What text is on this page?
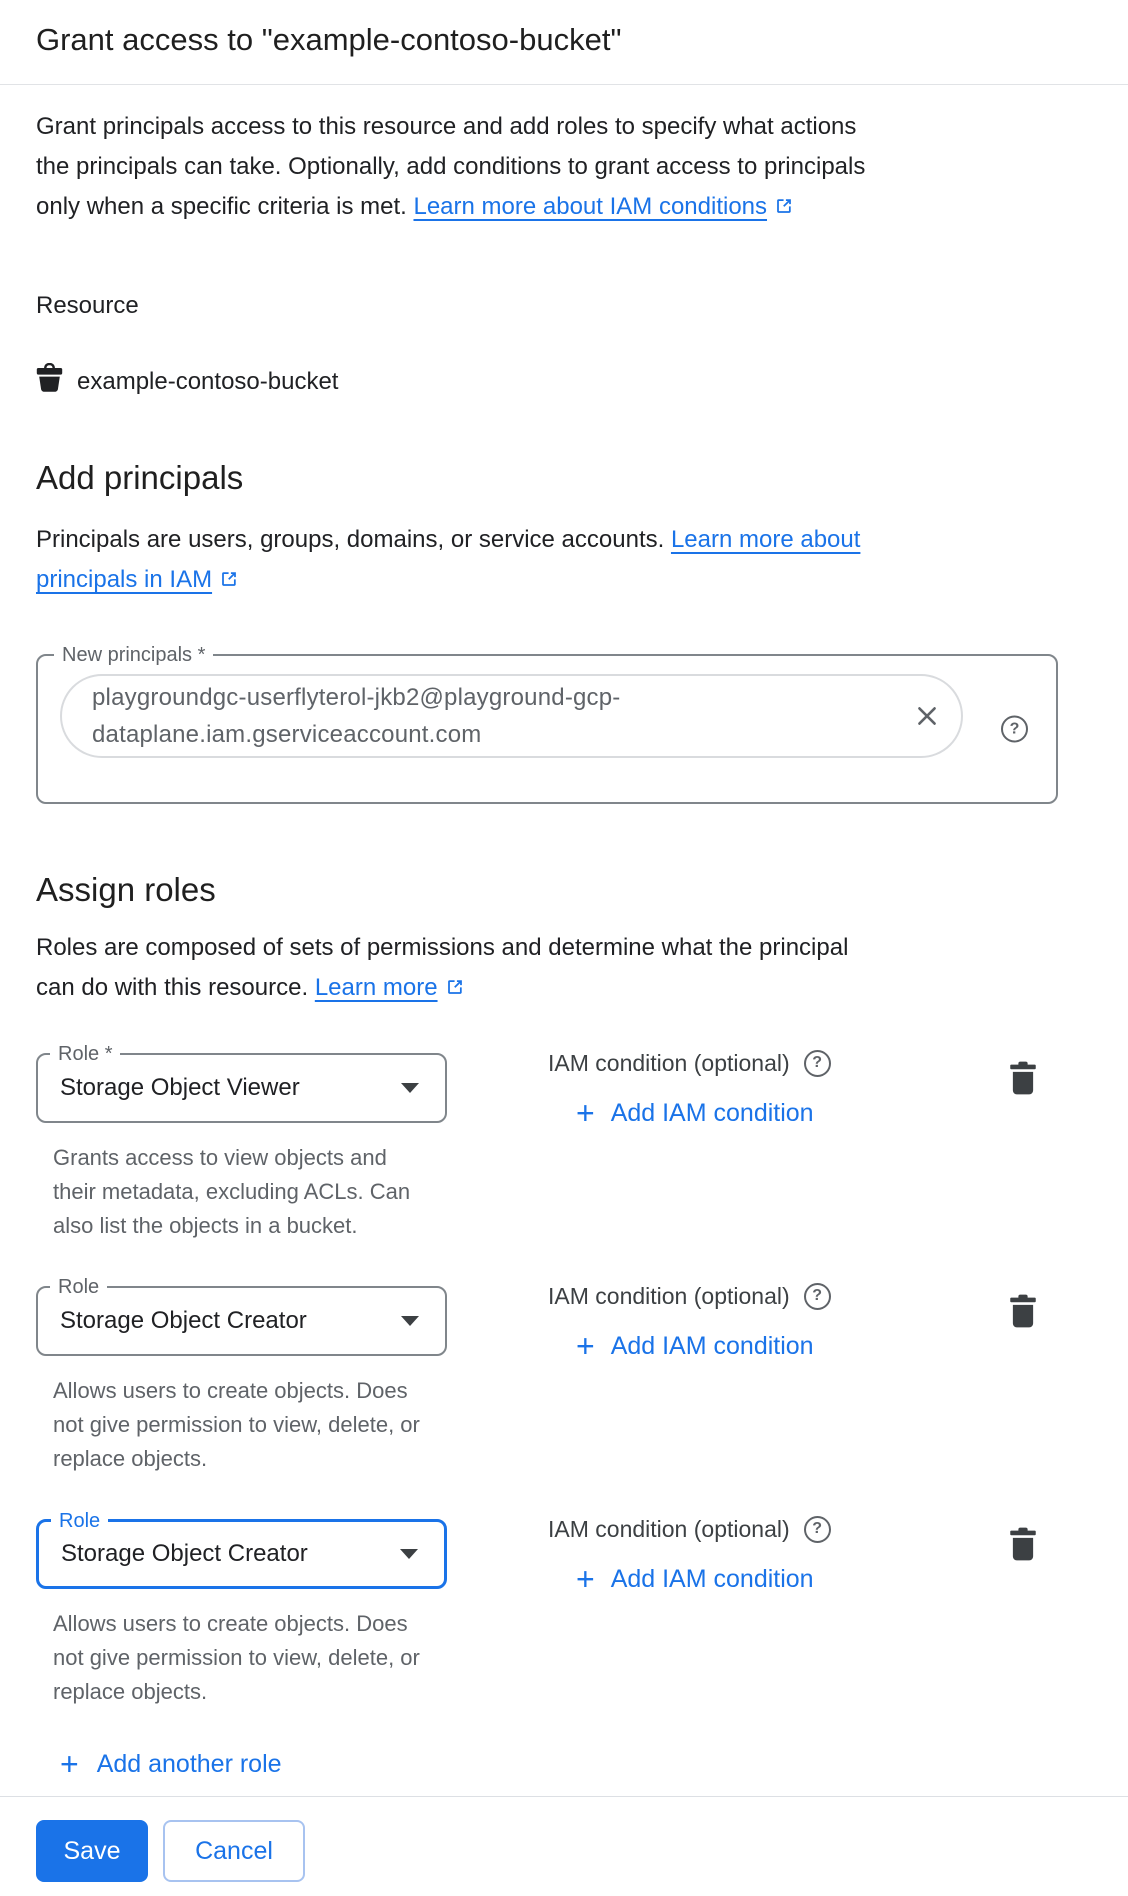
Grant access to "example-contoso-bucket"

Grant principals access to this resource and add roles to specify what actions the principals can take. Optionally, add conditions to grant access to principals only when a specific criteria is met. Learn more about IAM conditions

Resource
example-contoso-bucket
Add principals

Principals are users, groups, domains, or service accounts. Learn more about principals in IAM

New principals *
playgroundgc-userflyterol-jkb2@playground-gcp-
dataplane.iam.gserviceaccount.com	?
Assign roles

Roles are composed of sets of permissions and determine what the principal can do with this resource. Learn more

Role *
Storage Object Viewer
Grants access to view objects and their metadata, excluding ACLs. Can also list the objects in a bucket.
IAM condition (optional)	?
+ Add IAM condition
Role
Storage Object Creator
Allows users to create objects. Does not give permission to view, delete, or replace objects.
IAM condition (optional)	?
+ Add IAM condition
Role
Storage Object Creator
Allows users to create objects. Does not give permission to view, delete, or replace objects.
IAM condition (optional)	?
+ Add IAM condition
+ Add another role
Save	Cancel
